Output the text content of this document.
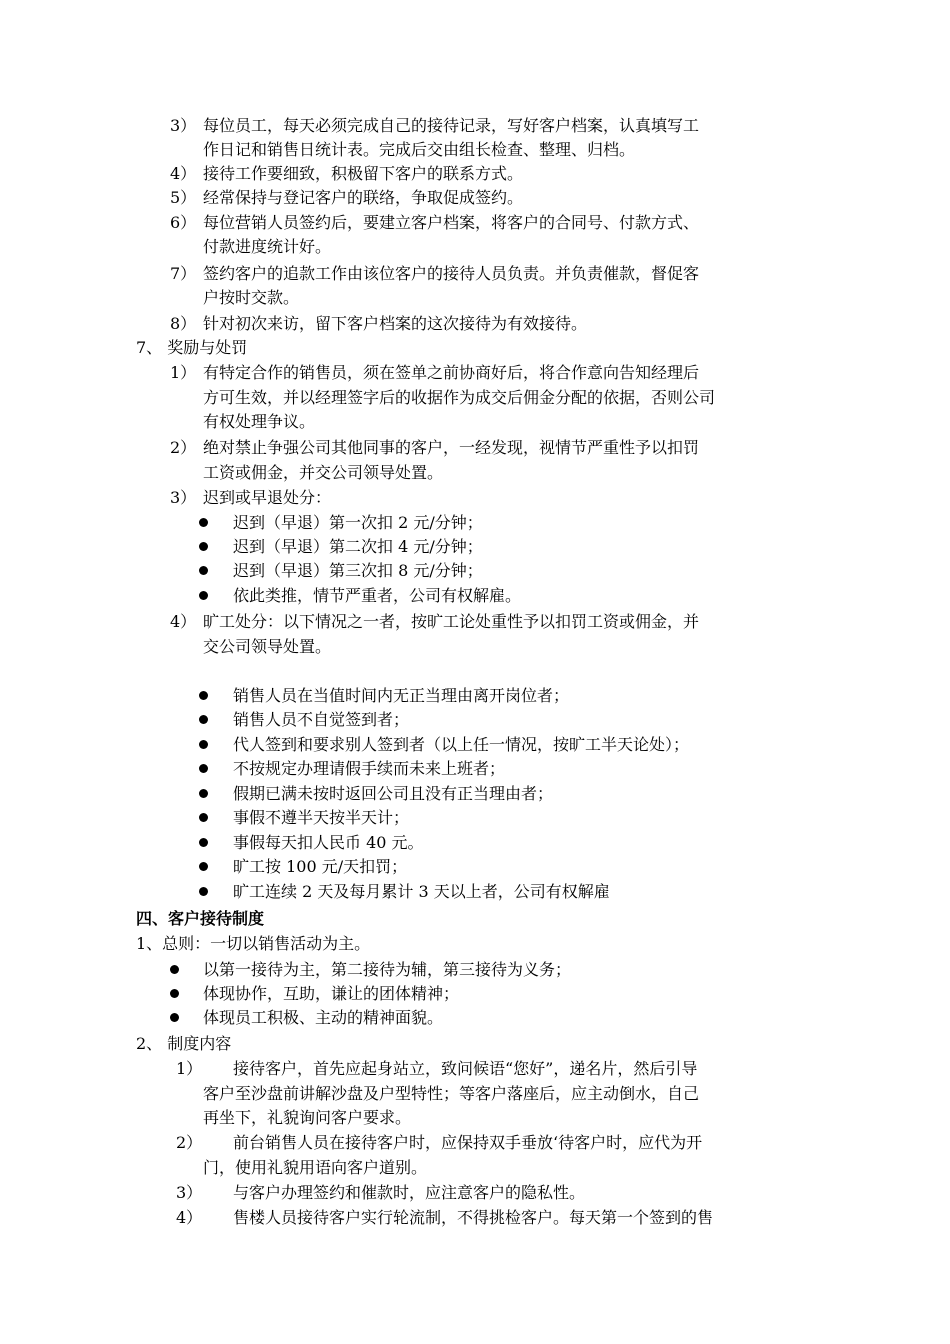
3） 每位员工，每天必须完成自己的接待记录，写好客户档案，认真填写工
作日记和销售日统计表。完成后交由组长检查、整理、归档。
4） 接待工作要细致，积极留下客户的联系方式。
5） 经常保持与登记客户的联络，争取促成签约。
6） 每位营销人员签约后，要建立客户档案，将客户的合同号、付款方式、
付款进度统计好。
7） 签约客户的追款工作由该位客户的接待人员负责。并负责催款，督促客
户按时交款。
8） 针对初次来访，留下客户档案的这次接待为有效接待。
7、 奖励与处罚
1） 有特定合作的销售员，须在签单之前协商好后，将合作意向告知经理后
方可生效，并以经理签字后的收据作为成交后佣金分配的依据，否则公司
有权处理争议。
2） 绝对禁止争强公司其他同事的客户，一经发现，视情节严重性予以扣罚
工资或佣金，并交公司领导处置。
3） 迟到或早退处分：
迟到（早退）第一次扣 2 元/分钟；
迟到（早退）第二次扣 4 元/分钟；
迟到（早退）第三次扣 8 元/分钟；
依此类推，情节严重者，公司有权解雇。
4） 旷工处分：以下情况之一者，按旷工论处重性予以扣罚工资或佣金，并
交公司领导处置。
销售人员在当值时间内无正当理由离开岗位者；
销售人员不自觉签到者；
代人签到和要求别人签到者（以上任一情况，按旷工半天论处）；
不按规定办理请假手续而未来上班者；
假期已满未按时返回公司且没有正当理由者；
事假不遵半天按半天计；
事假每天扣人民币 40 元。
旷工按 100 元/天扣罚；
旷工连续 2 天及每月累计 3 天以上者，公司有权解雇
四、客户接待制度
1、总则：一切以销售活动为主。
以第一接待为主，第二接待为辅，第三接待为义务；
体现协作，互助，谦让的团体精神；
体现员工积极、主动的精神面貌。
2、 制度内容
1） 接待客户，首先应起身站立，致问候语“您好”，递名片，然后引导
客户至沙盘前讲解沙盘及户型特性；等客户落座后，应主动倒水，自己
再坐下，礼貌询问客户要求。
2） 前台销售人员在接待客户时，应保持双手垂放‘待客户时，应代为开
门，使用礼貌用语向客户道别。
3） 与客户办理签约和催款时，应注意客户的隐私性。
4） 售楼人员接待客户实行轮流制，不得挑检客户。每天第一个签到的售
